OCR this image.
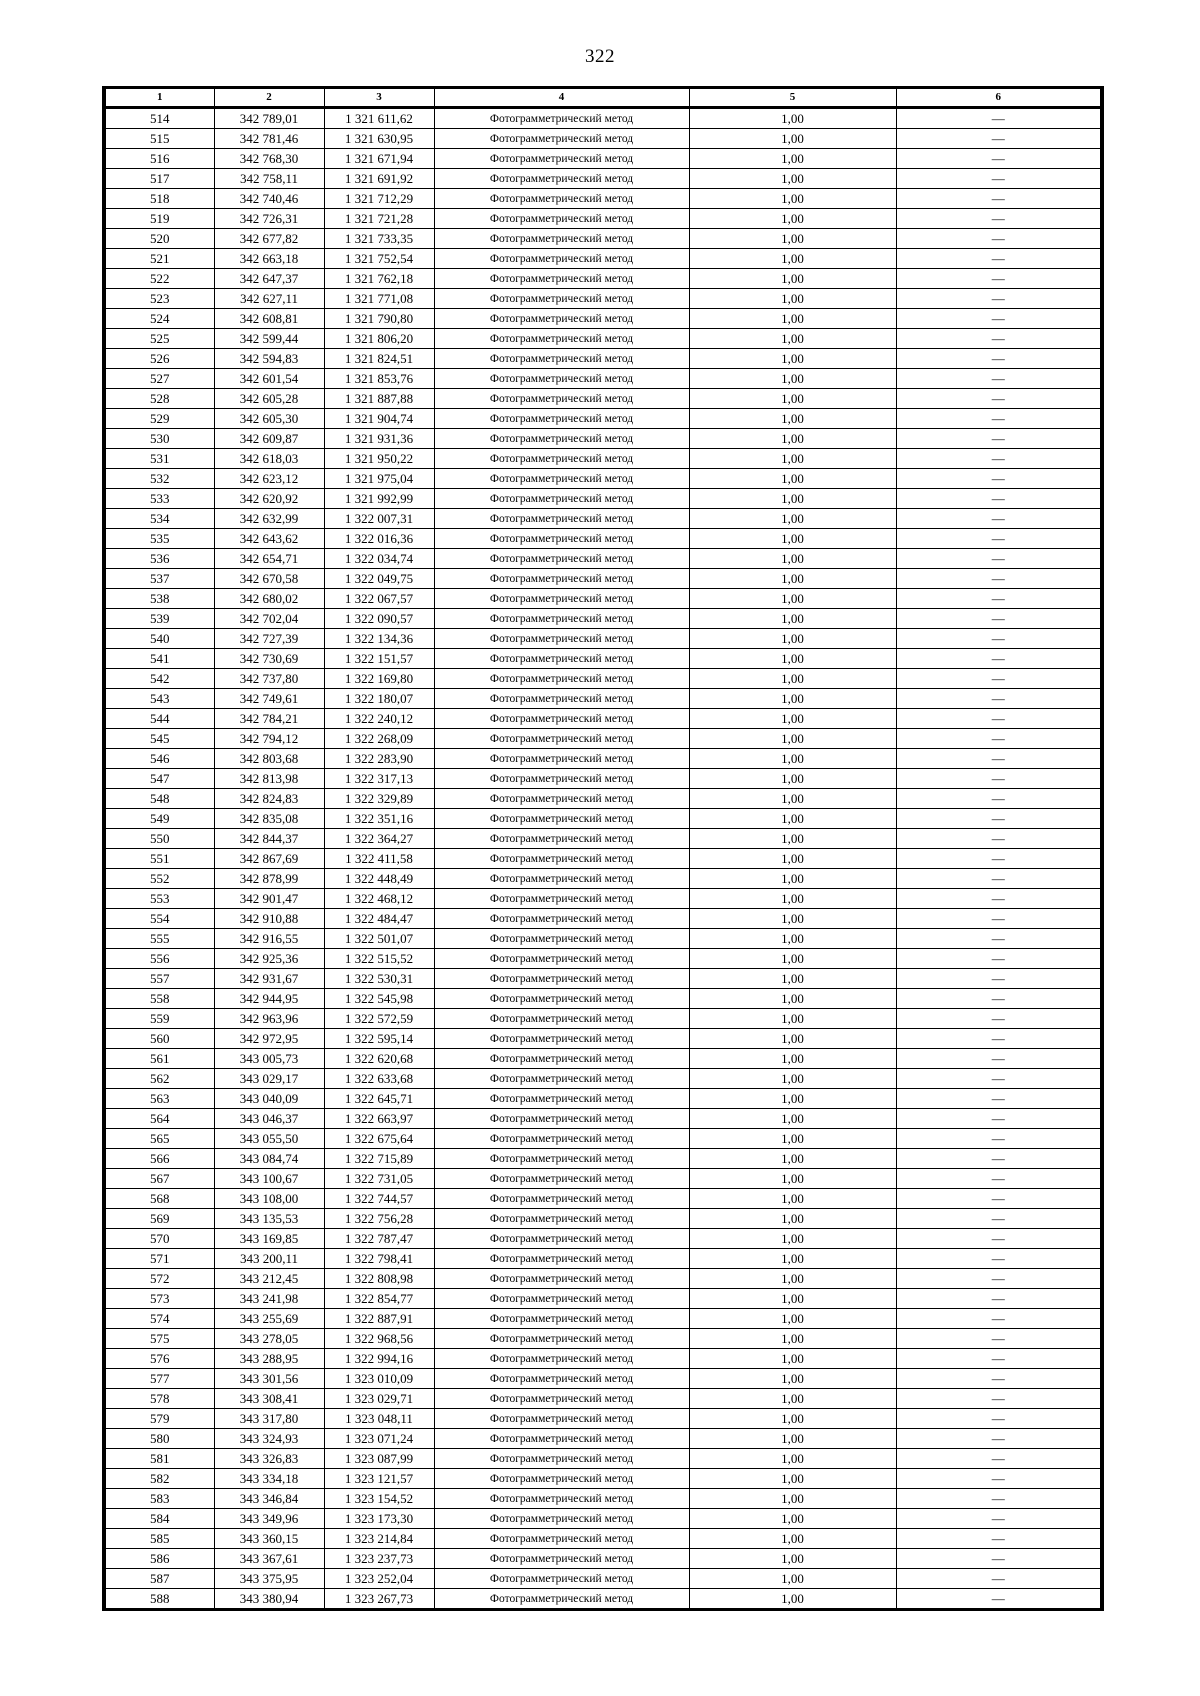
322
1	2	3	4	5	6
514	342 789,01	1 321 611,62	Фотограмметрический метод	1,00	—
515	342 781,46	1 321 630,95	Фотограмметрический метод	1,00	—
516	342 768,30	1 321 671,94	Фотограмметрический метод	1,00	—
517	342 758,11	1 321 691,92	Фотограмметрический метод	1,00	—
518	342 740,46	1 321 712,29	Фотограмметрический метод	1,00	—
519	342 726,31	1 321 721,28	Фотограмметрический метод	1,00	—
520	342 677,82	1 321 733,35	Фотограмметрический метод	1,00	—
521	342 663,18	1 321 752,54	Фотограмметрический метод	1,00	—
522	342 647,37	1 321 762,18	Фотограмметрический метод	1,00	—
523	342 627,11	1 321 771,08	Фотограмметрический метод	1,00	—
524	342 608,81	1 321 790,80	Фотограмметрический метод	1,00	—
525	342 599,44	1 321 806,20	Фотограмметрический метод	1,00	—
526	342 594,83	1 321 824,51	Фотограмметрический метод	1,00	—
527	342 601,54	1 321 853,76	Фотограмметрический метод	1,00	—
528	342 605,28	1 321 887,88	Фотограмметрический метод	1,00	—
529	342 605,30	1 321 904,74	Фотограмметрический метод	1,00	—
530	342 609,87	1 321 931,36	Фотограмметрический метод	1,00	—
531	342 618,03	1 321 950,22	Фотограмметрический метод	1,00	—
532	342 623,12	1 321 975,04	Фотограмметрический метод	1,00	—
533	342 620,92	1 321 992,99	Фотограмметрический метод	1,00	—
534	342 632,99	1 322 007,31	Фотограмметрический метод	1,00	—
535	342 643,62	1 322 016,36	Фотограмметрический метод	1,00	—
536	342 654,71	1 322 034,74	Фотограмметрический метод	1,00	—
537	342 670,58	1 322 049,75	Фотограмметрический метод	1,00	—
538	342 680,02	1 322 067,57	Фотограмметрический метод	1,00	—
539	342 702,04	1 322 090,57	Фотограмметрический метод	1,00	—
540	342 727,39	1 322 134,36	Фотограмметрический метод	1,00	—
541	342 730,69	1 322 151,57	Фотограмметрический метод	1,00	—
542	342 737,80	1 322 169,80	Фотограмметрический метод	1,00	—
543	342 749,61	1 322 180,07	Фотограмметрический метод	1,00	—
544	342 784,21	1 322 240,12	Фотограмметрический метод	1,00	—
545	342 794,12	1 322 268,09	Фотограмметрический метод	1,00	—
546	342 803,68	1 322 283,90	Фотограмметрический метод	1,00	—
547	342 813,98	1 322 317,13	Фотограмметрический метод	1,00	—
548	342 824,83	1 322 329,89	Фотограмметрический метод	1,00	—
549	342 835,08	1 322 351,16	Фотограмметрический метод	1,00	—
550	342 844,37	1 322 364,27	Фотограмметрический метод	1,00	—
551	342 867,69	1 322 411,58	Фотограмметрический метод	1,00	—
552	342 878,99	1 322 448,49	Фотограмметрический метод	1,00	—
553	342 901,47	1 322 468,12	Фотограмметрический метод	1,00	—
554	342 910,88	1 322 484,47	Фотограмметрический метод	1,00	—
555	342 916,55	1 322 501,07	Фотограмметрический метод	1,00	—
556	342 925,36	1 322 515,52	Фотограмметрический метод	1,00	—
557	342 931,67	1 322 530,31	Фотограмметрический метод	1,00	—
558	342 944,95	1 322 545,98	Фотограмметрический метод	1,00	—
559	342 963,96	1 322 572,59	Фотограмметрический метод	1,00	—
560	342 972,95	1 322 595,14	Фотограмметрический метод	1,00	—
561	343 005,73	1 322 620,68	Фотограмметрический метод	1,00	—
562	343 029,17	1 322 633,68	Фотограмметрический метод	1,00	—
563	343 040,09	1 322 645,71	Фотограмметрический метод	1,00	—
564	343 046,37	1 322 663,97	Фотограмметрический метод	1,00	—
565	343 055,50	1 322 675,64	Фотограмметрический метод	1,00	—
566	343 084,74	1 322 715,89	Фотограмметрический метод	1,00	—
567	343 100,67	1 322 731,05	Фотограмметрический метод	1,00	—
568	343 108,00	1 322 744,57	Фотограмметрический метод	1,00	—
569	343 135,53	1 322 756,28	Фотограмметрический метод	1,00	—
570	343 169,85	1 322 787,47	Фотограмметрический метод	1,00	—
571	343 200,11	1 322 798,41	Фотограмметрический метод	1,00	—
572	343 212,45	1 322 808,98	Фотограмметрический метод	1,00	—
573	343 241,98	1 322 854,77	Фотограмметрический метод	1,00	—
574	343 255,69	1 322 887,91	Фотограмметрический метод	1,00	—
575	343 278,05	1 322 968,56	Фотограмметрический метод	1,00	—
576	343 288,95	1 322 994,16	Фотограмметрический метод	1,00	—
577	343 301,56	1 323 010,09	Фотограмметрический метод	1,00	—
578	343 308,41	1 323 029,71	Фотограмметрический метод	1,00	—
579	343 317,80	1 323 048,11	Фотограмметрический метод	1,00	—
580	343 324,93	1 323 071,24	Фотограмметрический метод	1,00	—
581	343 326,83	1 323 087,99	Фотограмметрический метод	1,00	—
582	343 334,18	1 323 121,57	Фотограмметрический метод	1,00	—
583	343 346,84	1 323 154,52	Фотограмметрический метод	1,00	—
584	343 349,96	1 323 173,30	Фотограмметрический метод	1,00	—
585	343 360,15	1 323 214,84	Фотограмметрический метод	1,00	—
586	343 367,61	1 323 237,73	Фотограмметрический метод	1,00	—
587	343 375,95	1 323 252,04	Фотограмметрический метод	1,00	—
588	343 380,94	1 323 267,73	Фотограмметрический метод	1,00	—
